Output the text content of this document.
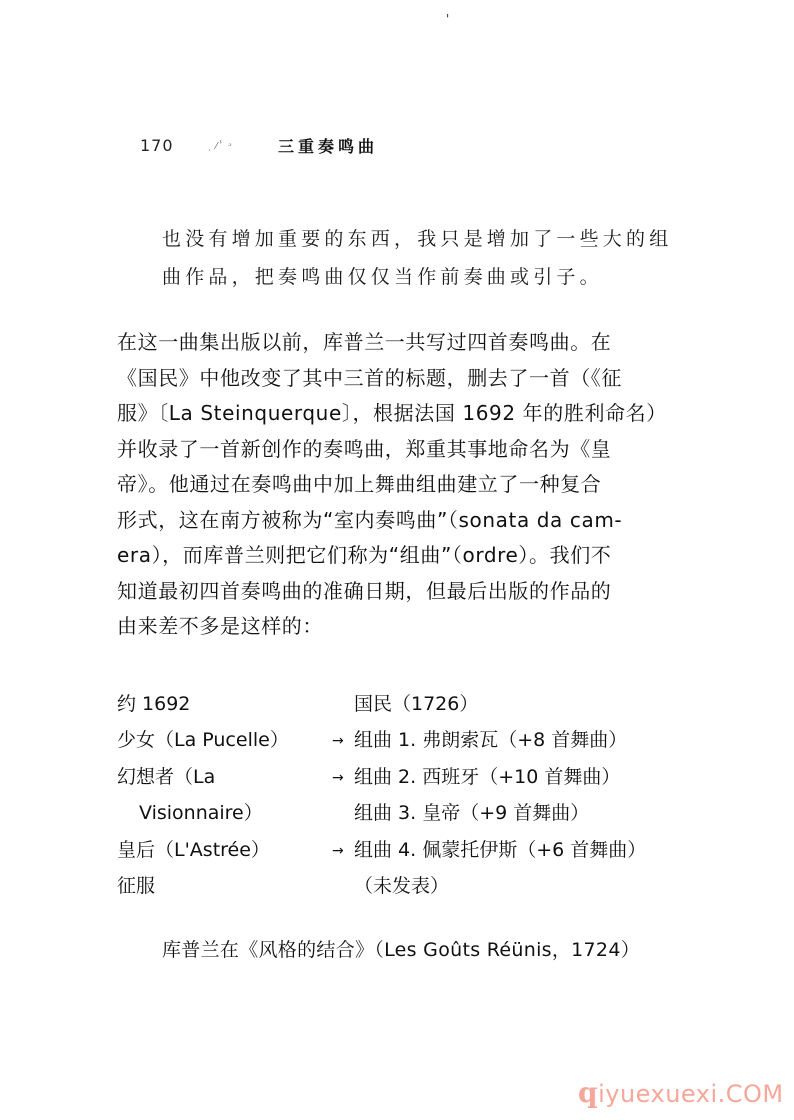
'
170	⸒ ⁄ⸯ ᵓ	三重奏鸣曲

也没有增加重要的东西，我只是增加了一些大的组

曲作品，把奏鸣曲仅仅当作前奏曲或引子。

在这一曲集出版以前，库普兰一共写过四首奏鸣曲。在

《国民》中他改变了其中三首的标题，删去了一首（《征

服》〔La Steinquerque〕，根据法国 1692 年的胜利命名）

并收录了一首新创作的奏鸣曲，郑重其事地命名为《皇

帝》。他通过在奏鸣曲中加上舞曲组曲建立了一种复合

形式，这在南方被称为“室内奏鸣曲”（sonata da cam-

era），而库普兰则把它们称为“组曲”（ordre）。我们不

知道最初四首奏鸣曲的准确日期，但最后出版的作品的

由来差不多是这样的：

约 1692	国民（1726）
少女（La Pucelle）	→ 组曲 1. 弗朗索瓦（+8 首舞曲）
幻想者（La	→ 组曲 2. 西班牙（+10 首舞曲）
Visionnaire）	组曲 3. 皇帝（+9 首舞曲）
皇后（L'Astrée）	→ 组曲 4. 佩蒙托伊斯（+6 首舞曲）
征服	（未发表）
库普兰在《风格的结合》（Les Goûts Réünis，1724）
qiyuexuexi.COM
